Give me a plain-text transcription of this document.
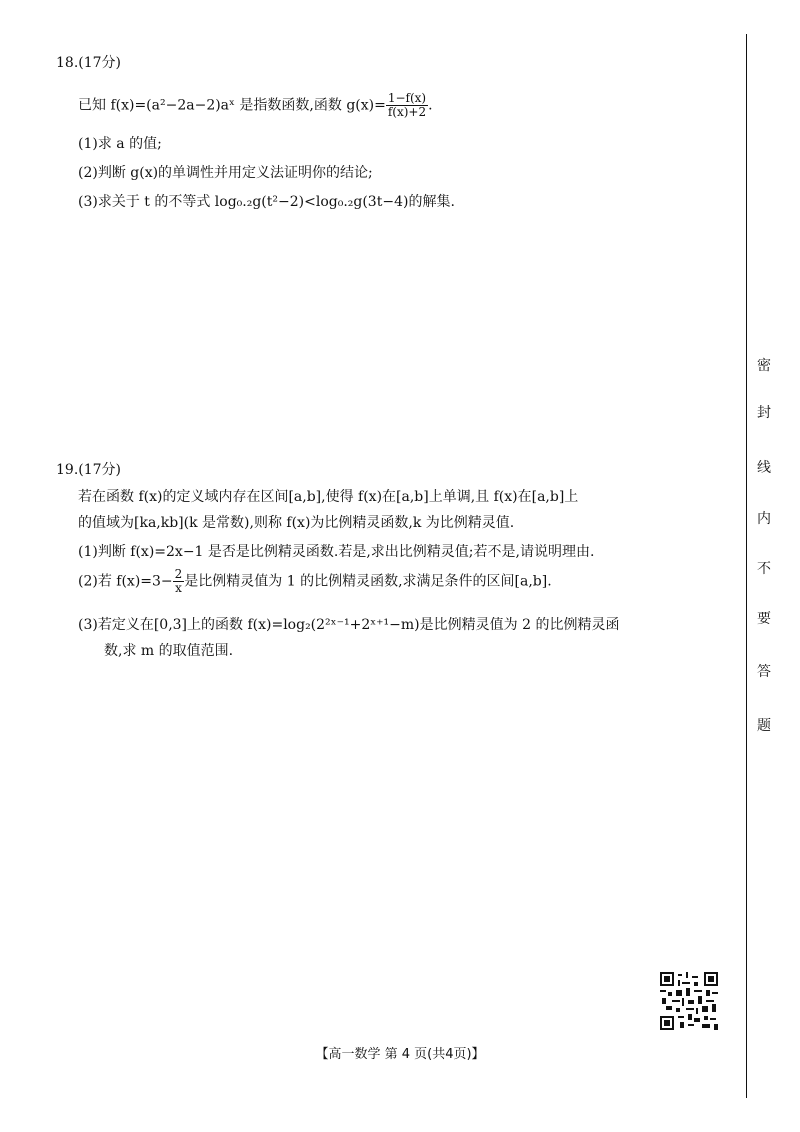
18.(17分)
已知 f(x)=(a²−2a−2)aˣ 是指数函数,函数 $g(x)= \frac{1-f(x)}{f(x)+2}$ .
(1)求 a 的值;
(2)判断 g(x)的单调性并用定义法证明你的结论;
(3)求关于 t 的不等式 log₀.₂g(t²−2)<log₀.₂g(3t−4)的解集.
19.(17分)
若在函数 f(x)的定义域内存在区间[a,b],使得 f(x)在[a,b]上单调,且 f(x)在[a,b]上
的值域为[ka,kb](k 是常数),则称 f(x)为比例精灵函数,k 为比例精灵值.
(1)判断 f(x)=2x−1 是否是比例精灵函数.若是,求出比例精灵值;若不是,请说明理由.
(2)若 $f(x)=3- \frac{2}{x}$ 是比例精灵值为 1 的比例精灵函数,求满足条件的区间[a,b].
(3)若定义在[0,3]上的函数 f(x)=log₂(2²ˣ⁻¹+2ˣ⁺¹−m)是比例精灵值为 2 的比例精灵函
数,求 m 的取值范围.
密
封
线
内
不
要
答
题
【高一数学 第 4 页(共4页)】
